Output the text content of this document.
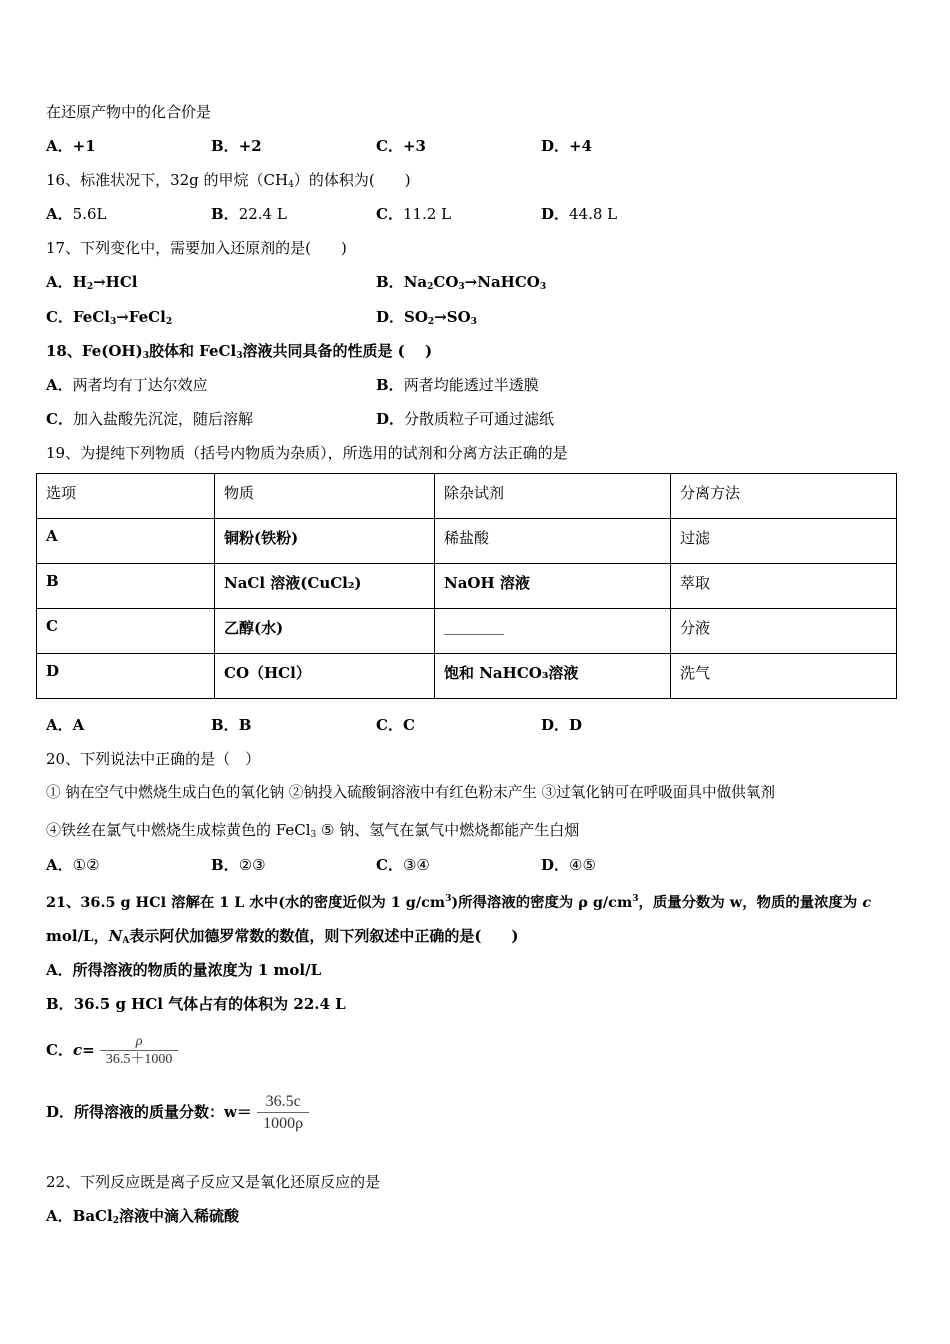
在还原产物中的化合价是
A．+1	B．+2	C．+3	D．+4
16、标准状况下，32g 的甲烷$(CH_4)$的体积为(　　)
A．5.6L	B．22.4 L	C．11.2 L	D．44.8 L
17、下列变化中，需要加入还原剂的是(　　)
A．$H_2\to HCl$	B．$Na_2CO_3\to NaHCO_3$
C．FeCl$_3$→FeCl$_2$	D．$SO_2\to SO_3$
18、$Fe(OH)_3$胶体和 FeCl$_3$溶液共同具备的性质是 (　 )
A．两者均有丁达尔效应	B．两者均能透过半透膜
C．加入盐酸先沉淀，随后溶解	D．分散质粒子可通过滤纸
19、为提纯下列物质（括号内物质为杂质），所选用的试剂和分离方法正确的是
选项	物质	除杂试剂	分离方法
A	铜粉(铁粉)	稀盐酸	过滤
B	NaCl 溶液(CuCl₂)	NaOH 溶液	萃取
C	乙醇(水)	________	分液
D	CO（HCl）	饱和 NaHCO₃溶液	洗气
A．A	B．B	C．C	D．D
20、下列说法中正确的是（　）
① 钠在空气中燃烧生成白色的氧化钠 ②钠投入硫酸铜溶液中有红色粉末产生 ③过氧化钠可在呼吸面具中做供氧剂
④铁丝在氯气中燃烧生成棕黄色的 FeCl$_3$ ⑤ 钠、氢气在氯气中燃烧都能产生白烟
A．①②	B．②③	C．③④	D．④⑤
21、36.5 g HCl 溶解在 1 L 水中(水的密度近似为 1 $g/cm^3$)所得溶液的密度为 ρ $g/cm^3$，质量分数为 w，物质的量浓度为 c
mol/L，$N_A$表示阿伏加德罗常数的数值，则下列叙述中正确的是(　　)
A．所得溶液的物质的量浓度为 1 mol/L
B．36.5 g HCl 气体占有的体积为 22.4 L
C．$c= \frac{\rho}{36.5+1000}$
D．所得溶液的质量分数：$w= \frac{36.5c}{1000\rho}$
22、下列反应既是离子反应又是氧化还原反应的是
A．BaCl$_2$溶液中滴入稀硫酸
